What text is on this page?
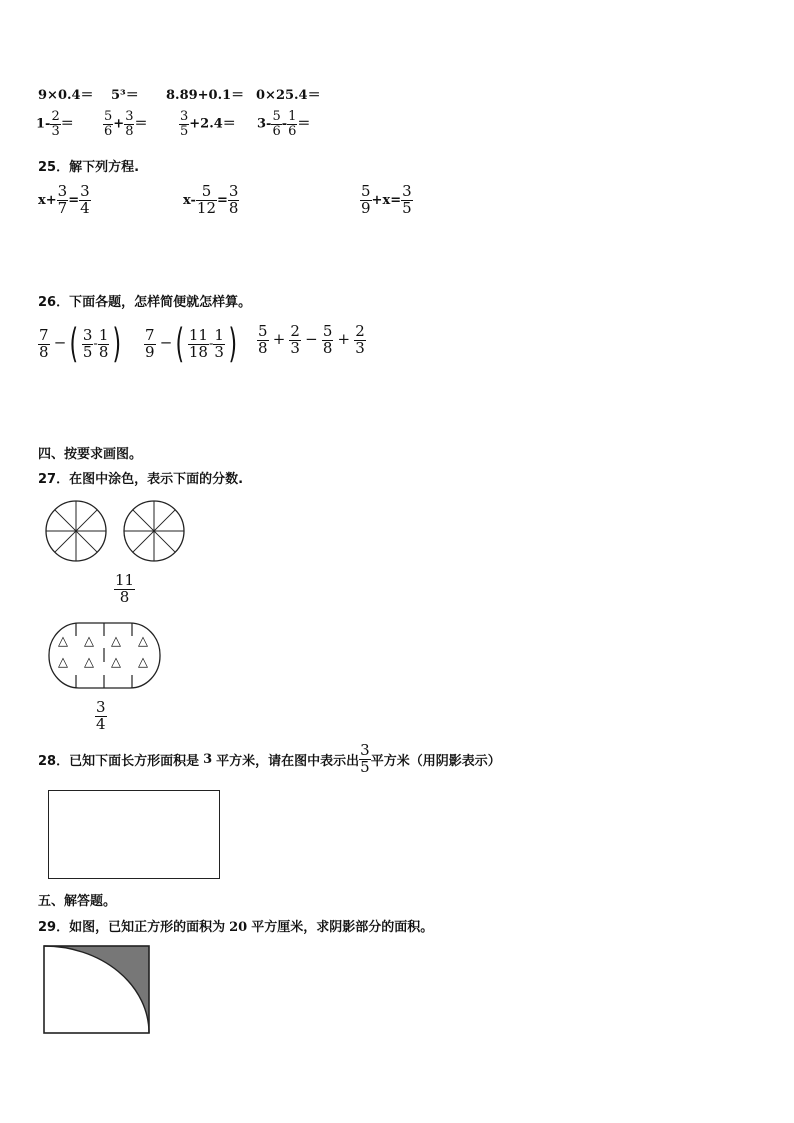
9×0.4＝ 5³＝ 8.89+0.1＝ 0×25.4＝
$1- \frac{2}{3} = \frac{5}{6} + \frac{3}{8} = \frac{3}{5} +2.4= 3- \frac{5}{6} - \frac{1}{6}$ ＝
25．解下列方程.
$x+ \frac{3}{7} = \frac{3}{4}$	$x- \frac{5}{12} = \frac{3}{8}$	$\frac{5}{9} +x= \frac{3}{5}$
26．下面各题，怎样简便就怎样算。
$\frac{7}{8}$ −( $\frac{3}{5} - \frac{1}{8}$ ) $\frac{7}{9}$ −( $\frac{11}{18} - \frac{1}{3}$ ) $\frac{5}{8} + \frac{2}{3} - \frac{5}{8} + \frac{2}{3}$
四、按要求画图。
27．在图中涂色，表示下面的分数.
$\frac{11}{8}$
△ △ △ △
△ △ △ △
$\frac{3}{4}$
28．已知下面长方形面积是 3 平方米，请在图中表示出 $\frac{3}{5}$ 平方米（用阴影表示）
五、解答题。
29．如图，已知正方形的面积为 20 平方厘米，求阴影部分的面积。
